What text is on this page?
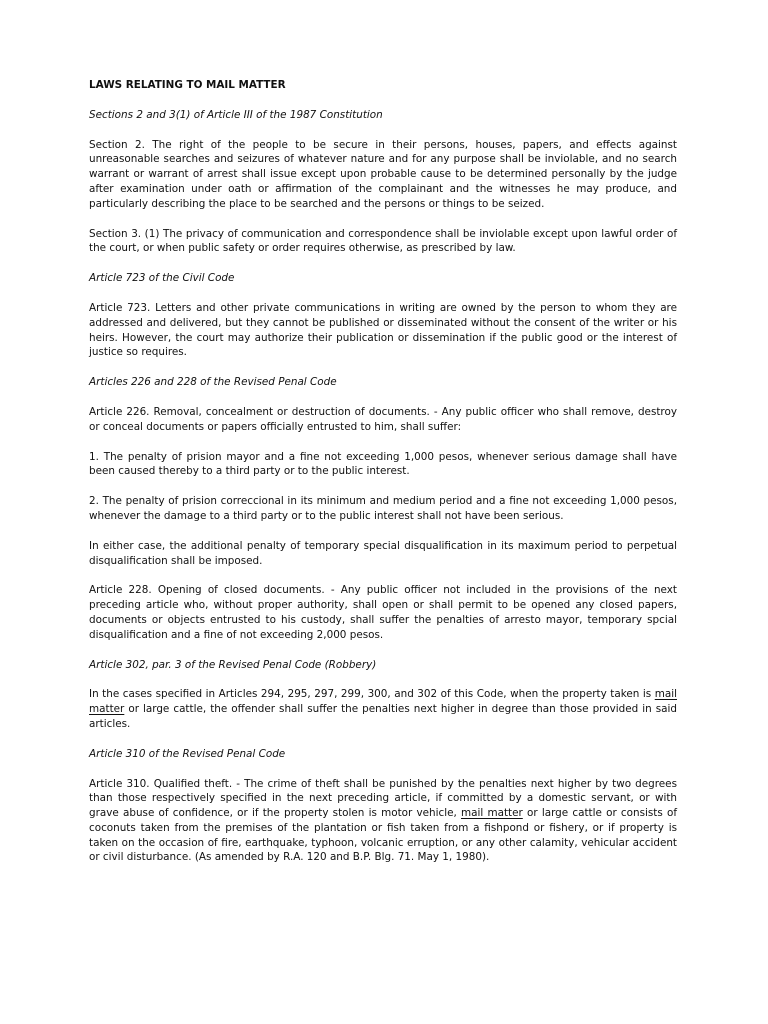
LAWS RELATING TO MAIL MATTER
Sections 2 and 3(1) of Article III of the 1987 Constitution
Section 2. The right of the people to be secure in their persons, houses, papers, and effects against unreasonable searches and seizures of whatever nature and for any purpose shall be inviolable, and no search warrant or warrant of arrest shall issue except upon probable cause to be determined personally by the judge after examination under oath or affirmation of the complainant and the witnesses he may produce, and particularly describing the place to be searched and the persons or things to be seized.
Section 3. (1) The privacy of communication and correspondence shall be inviolable except upon lawful order of the court, or when public safety or order requires otherwise, as prescribed by law.
Article 723 of the Civil Code
Article 723. Letters and other private communications in writing are owned by the person to whom they are addressed and delivered, but they cannot be published or disseminated without the consent of the writer or his heirs. However, the court may authorize their publication or dissemination if the public good or the interest of justice so requires.
Articles 226 and 228 of the Revised Penal Code
Article 226. Removal, concealment or destruction of documents. - Any public officer who shall remove, destroy or conceal documents or papers officially entrusted to him, shall suffer:
1. The penalty of prision mayor and a fine not exceeding 1,000 pesos, whenever serious damage shall have been caused thereby to a third party or to the public interest.
2. The penalty of prision correccional in its minimum and medium period and a fine not exceeding 1,000 pesos, whenever the damage to a third party or to the public interest shall not have been serious.
In either case, the additional penalty of temporary special disqualification in its maximum period to perpetual disqualification shall be imposed.
Article 228. Opening of closed documents. - Any public officer not included in the provisions of the next preceding article who, without proper authority, shall open or shall permit to be opened any closed papers, documents or objects entrusted to his custody, shall suffer the penalties of arresto mayor, temporary spcial disqualification and a fine of not exceeding 2,000 pesos.
Article 302, par. 3 of the Revised Penal Code (Robbery)
In the cases specified in Articles 294, 295, 297, 299, 300, and 302 of this Code, when the property taken is mail matter or large cattle, the offender shall suffer the penalties next higher in degree than those provided in said articles.
Article 310 of the Revised Penal Code
Article 310. Qualified theft. - The crime of theft shall be punished by the penalties next higher by two degrees than those respectively specified in the next preceding article, if committed by a domestic servant, or with grave abuse of confidence, or if the property stolen is motor vehicle, mail matter or large cattle or consists of coconuts taken from the premises of the plantation or fish taken from a fishpond or fishery, or if property is taken on the occasion of fire, earthquake, typhoon, volcanic erruption, or any other calamity, vehicular accident or civil disturbance. (As amended by R.A. 120 and B.P. Blg. 71. May 1, 1980).
